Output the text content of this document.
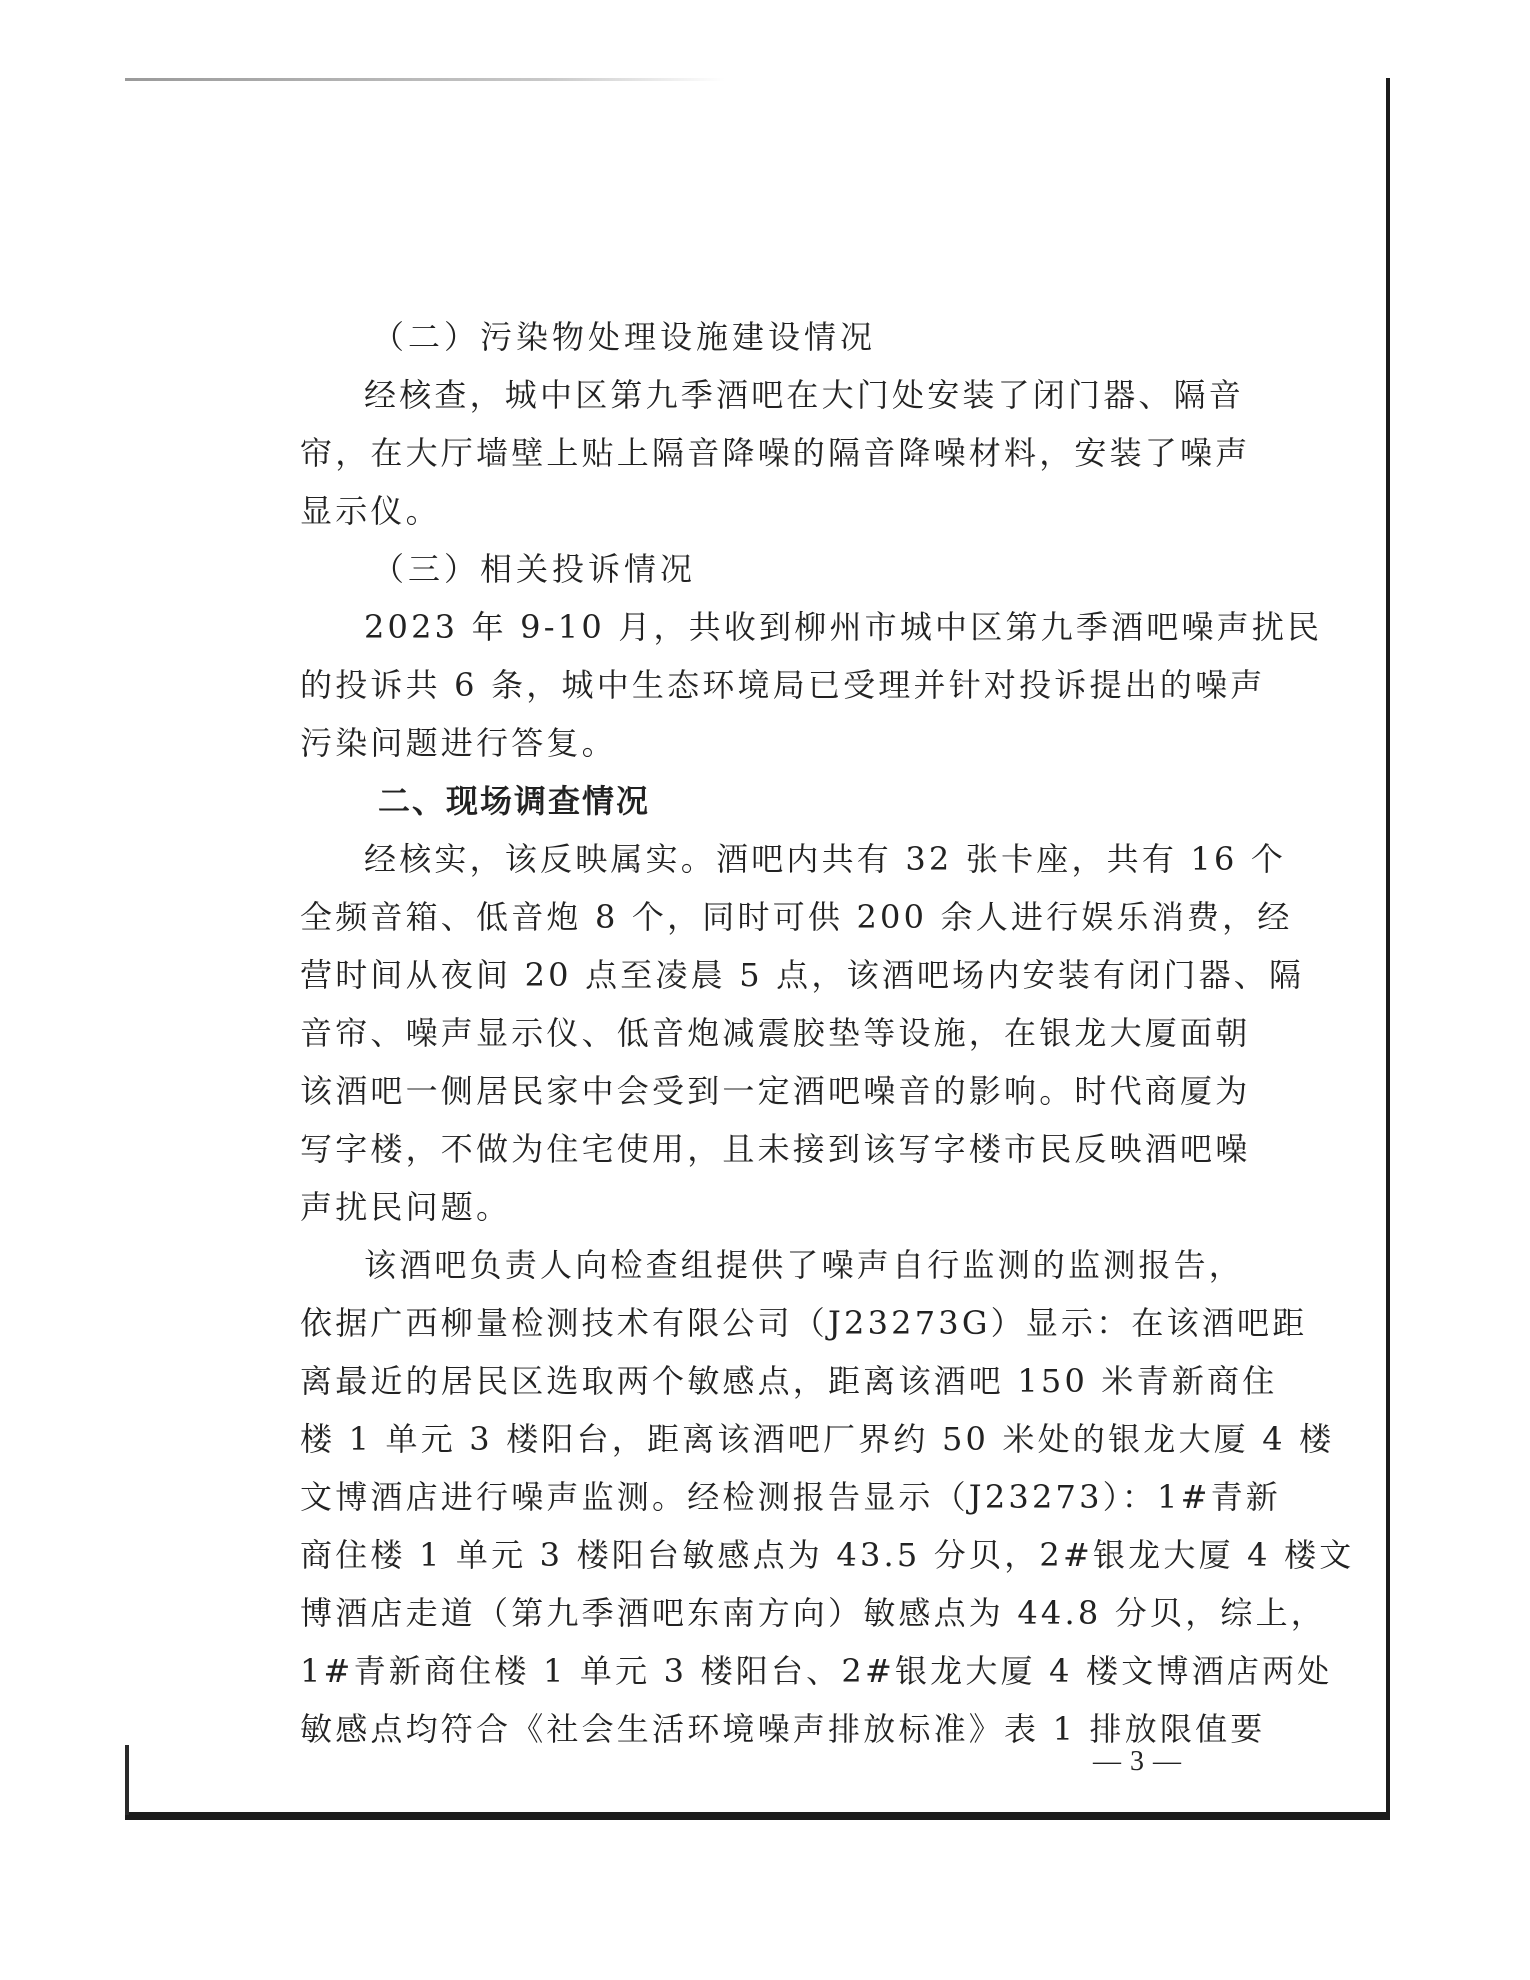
（二）污染物处理设施建设情况
经核查，城中区第九季酒吧在大门处安装了闭门器、隔音
帘，在大厅墙壁上贴上隔音降噪的隔音降噪材料，安装了噪声
显示仪。
（三）相关投诉情况
2023 年 9-10 月，共收到柳州市城中区第九季酒吧噪声扰民
的投诉共 6 条，城中生态环境局已受理并针对投诉提出的噪声
污染问题进行答复。
二、现场调查情况
经核实，该反映属实。酒吧内共有 32 张卡座，共有 16 个
全频音箱、低音炮 8 个，同时可供 200 余人进行娱乐消费，经
营时间从夜间 20 点至凌晨 5 点，该酒吧场内安装有闭门器、隔
音帘、噪声显示仪、低音炮减震胶垫等设施，在银龙大厦面朝
该酒吧一侧居民家中会受到一定酒吧噪音的影响。时代商厦为
写字楼，不做为住宅使用，且未接到该写字楼市民反映酒吧噪
声扰民问题。
该酒吧负责人向检查组提供了噪声自行监测的监测报告，
依据广西柳量检测技术有限公司（J23273G）显示：在该酒吧距
离最近的居民区选取两个敏感点，距离该酒吧 150 米青新商住
楼 1 单元 3 楼阳台，距离该酒吧厂界约 50 米处的银龙大厦 4 楼
文博酒店进行噪声监测。经检测报告显示（J23273）：1#青新
商住楼 1 单元 3 楼阳台敏感点为 43.5 分贝，2#银龙大厦 4 楼文
博酒店走道（第九季酒吧东南方向）敏感点为 44.8 分贝，综上，
1#青新商住楼 1 单元 3 楼阳台、2#银龙大厦 4 楼文博酒店两处
敏感点均符合《社会生活环境噪声排放标准》表 1 排放限值要
— 3 —
